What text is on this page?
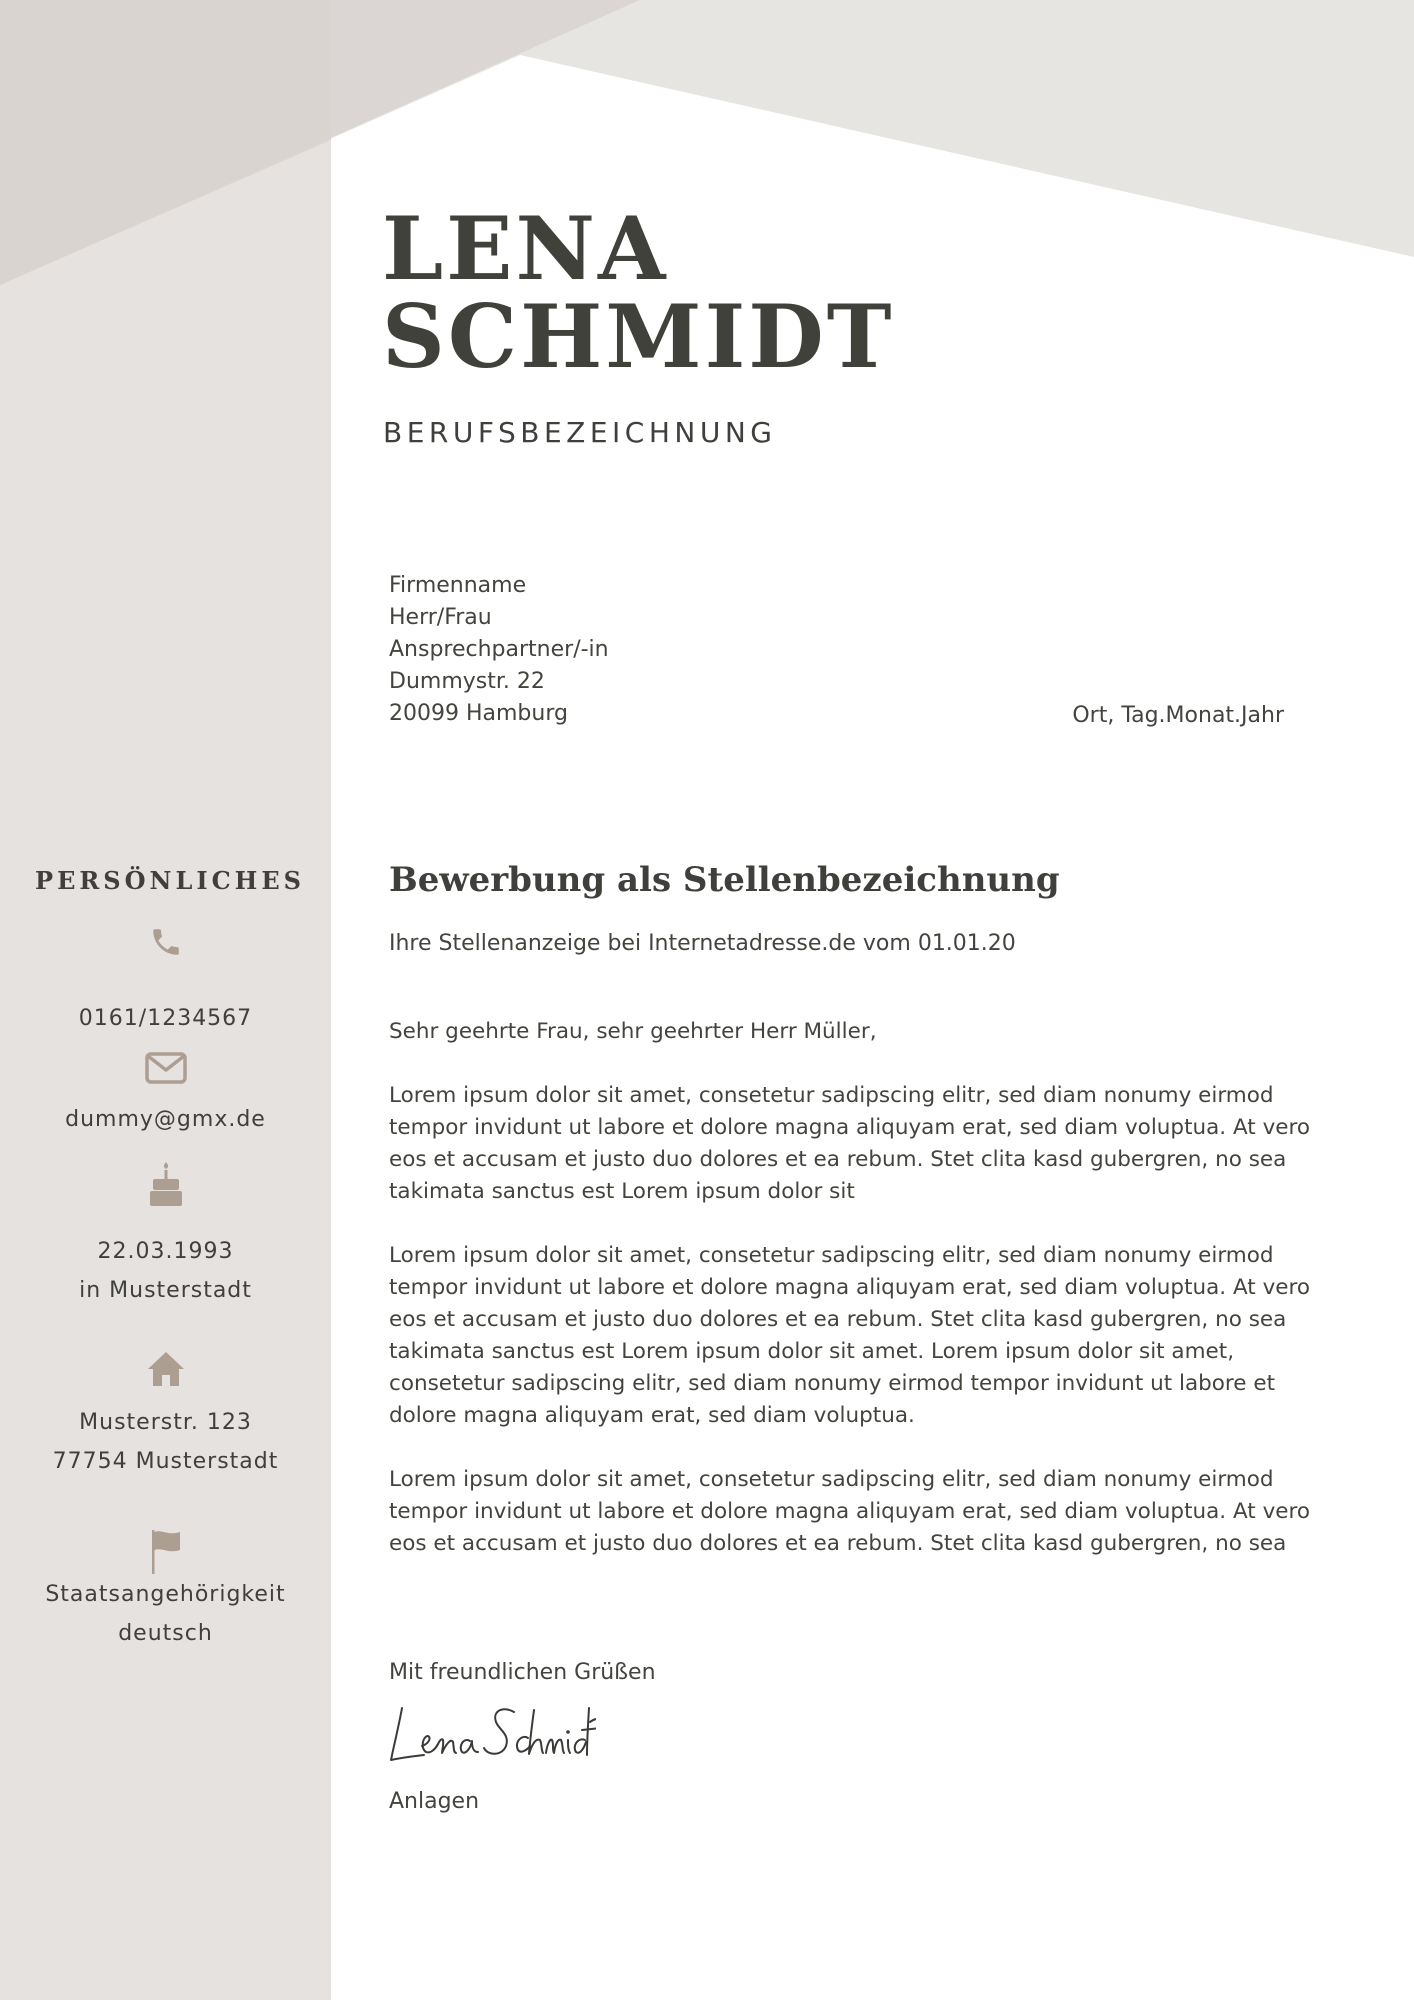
LENA
SCHMIDT
BERUFSBEZEICHNUNG
Firmenname
Herr/Frau
Ansprechpartner/-in
Dummystr. 22
20099 Hamburg	Ort, Tag.Monat.Jahr
PERSÖNLICHES
0161/1234567
dummy@gmx.de
22.03.1993
in Musterstadt
Musterstr. 123
77754 Musterstadt
Staatsangehörigkeit
deutsch
Bewerbung als Stellenbezeichnung
Ihre Stellenanzeige bei Internetadresse.de vom 01.01.20
Sehr geehrte Frau, sehr geehrter Herr Müller,

Lorem ipsum dolor sit amet, consetetur sadipscing elitr, sed diam nonumy eirmod tempor invidunt ut labore et dolore magna aliquyam erat, sed diam voluptua. At vero eos et accusam et justo duo dolores et ea rebum. Stet clita kasd gubergren, no sea takimata sanctus est Lorem ipsum dolor sit

Lorem ipsum dolor sit amet, consetetur sadipscing elitr, sed diam nonumy eirmod tempor invidunt ut labore et dolore magna aliquyam erat, sed diam voluptua. At vero eos et accusam et justo duo dolores et ea rebum. Stet clita kasd gubergren, no sea takimata sanctus est Lorem ipsum dolor sit amet. Lorem ipsum dolor sit amet, consetetur sadipscing elitr, sed diam nonumy eirmod tempor invidunt ut labore et dolore magna aliquyam erat, sed diam voluptua.

Lorem ipsum dolor sit amet, consetetur sadipscing elitr, sed diam nonumy eirmod tempor invidunt ut labore et dolore magna aliquyam erat, sed diam voluptua. At vero eos et accusam et justo duo dolores et ea rebum. Stet clita kasd gubergren, no sea

Mit freundlichen Grüßen
Anlagen
